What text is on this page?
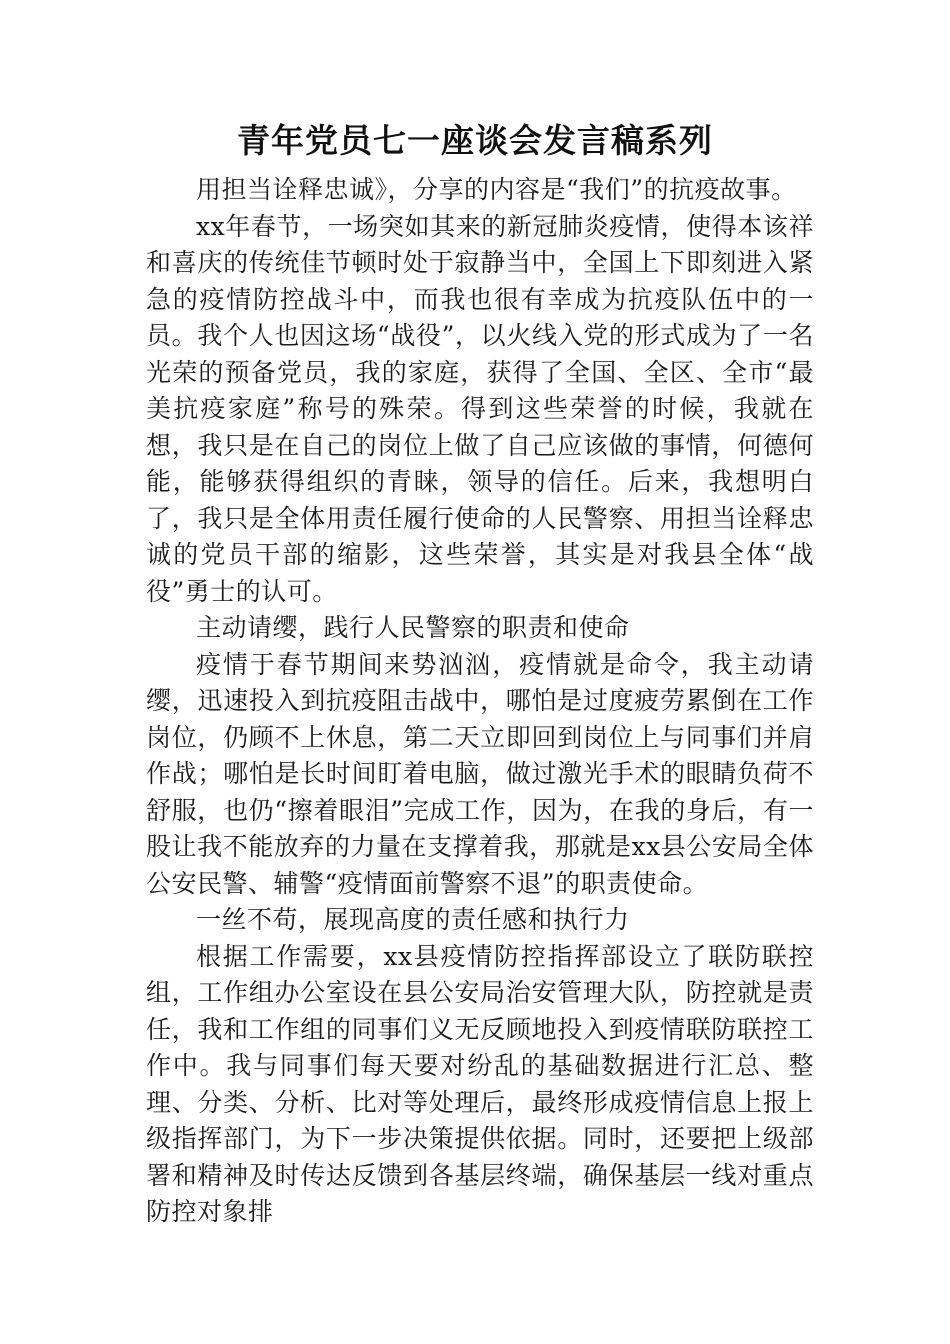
青年党员七一座谈会发言稿系列

用担当诠释忠诚》，分享的内容是“我们”的抗疫故事。

xx年春节，一场突如其来的新冠肺炎疫情，使得本该祥和喜庆的传统佳节顿时处于寂静当中，全国上下即刻进入紧急的疫情防控战斗中，而我也很有幸成为抗疫队伍中的一员。我个人也因这场“战役”，以火线入党的形式成为了一名光荣的预备党员，我的家庭，获得了全国、全区、全市“最美抗疫家庭”称号的殊荣。得到这些荣誉的时候，我就在想，我只是在自己的岗位上做了自己应该做的事情，何德何能，能够获得组织的青睐，领导的信任。后来，我想明白了，我只是全体用责任履行使命的人民警察、用担当诠释忠诚的党员干部的缩影，这些荣誉，其实是对我县全体“战役”勇士的认可。

主动请缨，践行人民警察的职责和使命

疫情于春节期间来势汹汹，疫情就是命令，我主动请缨，迅速投入到抗疫阻击战中，哪怕是过度疲劳累倒在工作岗位，仍顾不上休息，第二天立即回到岗位上与同事们并肩作战；哪怕是长时间盯着电脑，做过激光手术的眼睛负荷不舒服，也仍“擦着眼泪”完成工作，因为，在我的身后，有一股让我不能放弃的力量在支撑着我，那就是xx县公安局全体公安民警、辅警“疫情面前警察不退”的职责使命。

一丝不苟，展现高度的责任感和执行力

根据工作需要，xx县疫情防控指挥部设立了联防联控组，工作组办公室设在县公安局治安管理大队，防控就是责任，我和工作组的同事们义无反顾地投入到疫情联防联控工作中。我与同事们每天要对纷乱的基础数据进行汇总、整理、分类、分析、比对等处理后，最终形成疫情信息上报上级指挥部门，为下一步决策提供依据。同时，还要把上级部署和精神及时传达反馈到各基层终端，确保基层一线对重点防控对象排
